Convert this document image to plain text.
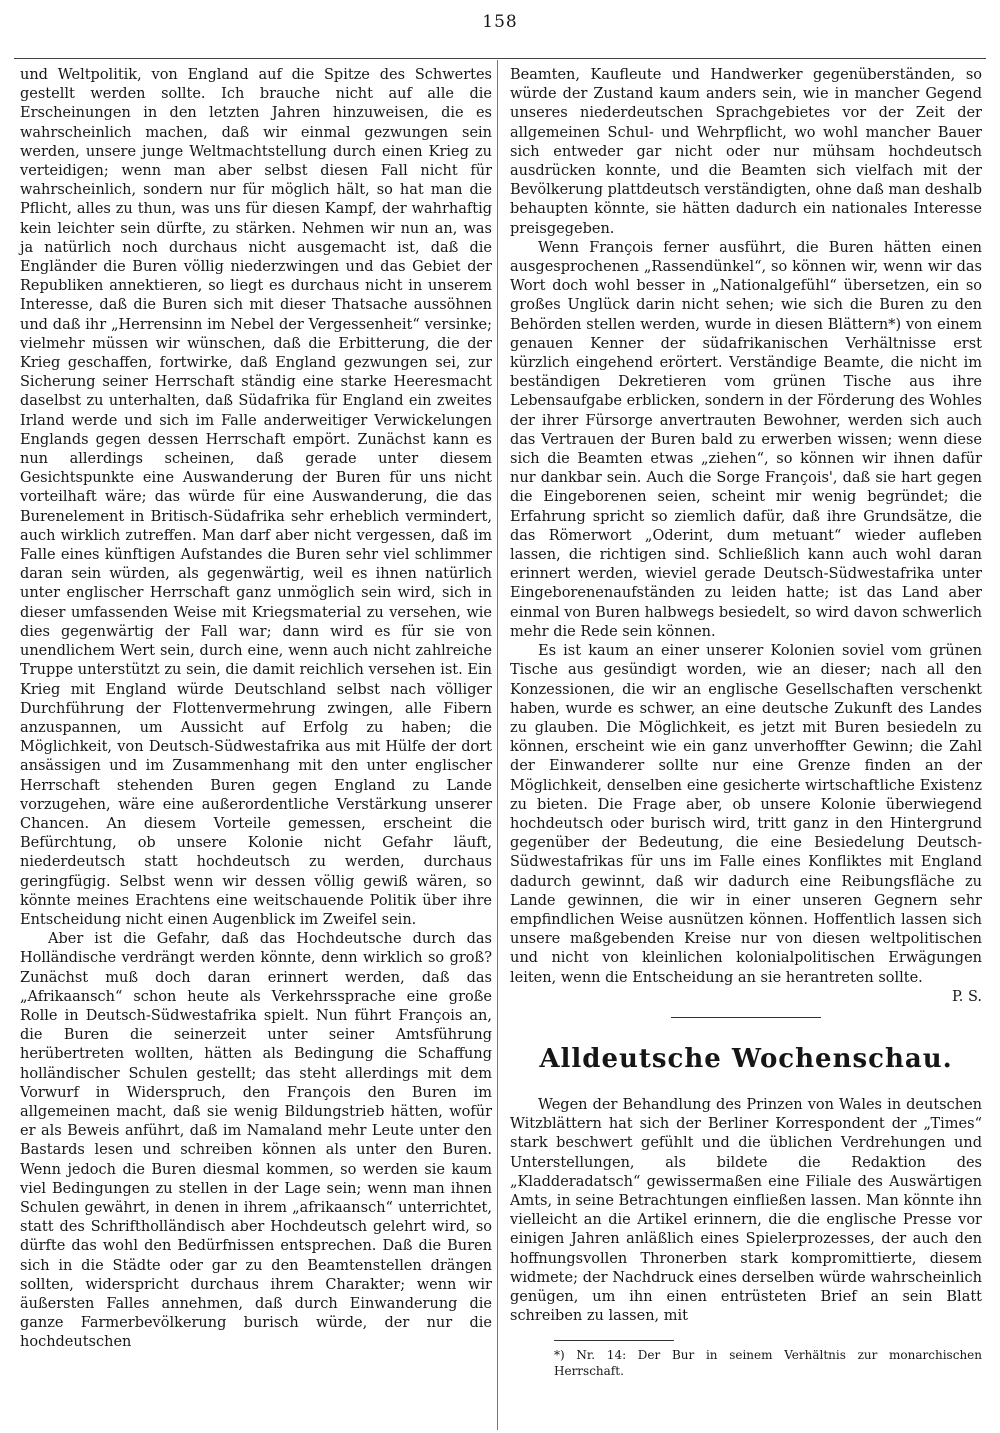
158

und Weltpolitik, von England auf die Spitze des Schwertes gestellt werden sollte. Ich brauche nicht auf alle die Erscheinungen in den letzten Jahren hinzuweisen, die es wahrscheinlich machen, daß wir einmal gezwungen sein werden, unsere junge Weltmachtstellung durch einen Krieg zu verteidigen; wenn man aber selbst diesen Fall nicht für wahrscheinlich, sondern nur für möglich hält, so hat man die Pflicht, alles zu thun, was uns für diesen Kampf, der wahrhaftig kein leichter sein dürfte, zu stärken. Nehmen wir nun an, was ja natürlich noch durchaus nicht ausgemacht ist, daß die Engländer die Buren völlig niederzwingen und das Gebiet der Republiken annektieren, so liegt es durchaus nicht in unserem Interesse, daß die Buren sich mit dieser Thatsache aussöhnen und daß ihr „Herrensinn im Nebel der Vergessenheit“ versinke; vielmehr müssen wir wünschen, daß die Erbitterung, die der Krieg geschaffen, fortwirke, daß England gezwungen sei, zur Sicherung seiner Herrschaft ständig eine starke Heeresmacht daselbst zu unterhalten, daß Südafrika für England ein zweites Irland werde und sich im Falle anderweitiger Verwickelungen Englands gegen dessen Herrschaft empört. Zunächst kann es nun allerdings scheinen, daß gerade unter diesem Gesichtspunkte eine Auswanderung der Buren für uns nicht vorteilhaft wäre; das würde für eine Auswanderung, die das Burenelement in Britisch-Südafrika sehr erheblich vermindert, auch wirklich zutreffen. Man darf aber nicht vergessen, daß im Falle eines künftigen Aufstandes die Buren sehr viel schlimmer daran sein würden, als gegenwärtig, weil es ihnen natürlich unter englischer Herrschaft ganz unmöglich sein wird, sich in dieser umfassenden Weise mit Kriegsmaterial zu versehen, wie dies gegenwärtig der Fall war; dann wird es für sie von unendlichem Wert sein, durch eine, wenn auch nicht zahlreiche Truppe unterstützt zu sein, die damit reichlich versehen ist. Ein Krieg mit England würde Deutschland selbst nach völliger Durchführung der Flottenvermehrung zwingen, alle Fibern anzuspannen, um Aussicht auf Erfolg zu haben; die Möglichkeit, von Deutsch-Südwestafrika aus mit Hülfe der dort ansässigen und im Zusammenhang mit den unter englischer Herrschaft stehenden Buren gegen England zu Lande vorzugehen, wäre eine außerordentliche Verstärkung unserer Chancen. An diesem Vorteile gemessen, erscheint die Befürchtung, ob unsere Kolonie nicht Gefahr läuft, niederdeutsch statt hochdeutsch zu werden, durchaus geringfügig. Selbst wenn wir dessen völlig gewiß wären, so könnte meines Erachtens eine weitschauende Politik über ihre Entscheidung nicht einen Augenblick im Zweifel sein.

Aber ist die Gefahr, daß das Hochdeutsche durch das Holländische verdrängt werden könnte, denn wirklich so groß? Zunächst muß doch daran erinnert werden, daß das „Afrikaansch“ schon heute als Verkehrssprache eine große Rolle in Deutsch-Südwestafrika spielt. Nun führt François an, die Buren die seinerzeit unter seiner Amtsführung herübertreten wollten, hätten als Bedingung die Schaffung holländischer Schulen gestellt; das steht allerdings mit dem Vorwurf in Widerspruch, den François den Buren im allgemeinen macht, daß sie wenig Bildungstrieb hätten, wofür er als Beweis anführt, daß im Namaland mehr Leute unter den Bastards lesen und schreiben können als unter den Buren. Wenn jedoch die Buren diesmal kommen, so werden sie kaum viel Bedingungen zu stellen in der Lage sein; wenn man ihnen Schulen gewährt, in denen in ihrem „afrikaansch“ unterrichtet, statt des Schriftholländisch aber Hochdeutsch gelehrt wird, so dürfte das wohl den Bedürfnissen entsprechen. Daß die Buren sich in die Städte oder gar zu den Beamtenstellen drängen sollten, widerspricht durchaus ihrem Charakter; wenn wir äußersten Falles annehmen, daß durch Einwanderung die ganze Farmerbevölkerung burisch würde, der nur die hochdeutschen

Beamten, Kaufleute und Handwerker gegenüberständen, so würde der Zustand kaum anders sein, wie in mancher Gegend unseres niederdeutschen Sprachgebietes vor der Zeit der allgemeinen Schul- und Wehrpflicht, wo wohl mancher Bauer sich entweder gar nicht oder nur mühsam hochdeutsch ausdrücken konnte, und die Beamten sich vielfach mit der Bevölkerung plattdeutsch verständigten, ohne daß man deshalb behaupten könnte, sie hätten dadurch ein nationales Interesse preisgegeben.

Wenn François ferner ausführt, die Buren hätten einen ausgesprochenen „Rassendünkel“, so können wir, wenn wir das Wort doch wohl besser in „Nationalgefühl“ übersetzen, ein so großes Unglück darin nicht sehen; wie sich die Buren zu den Behörden stellen werden, wurde in diesen Blättern*) von einem genauen Kenner der südafrikanischen Verhältnisse erst kürzlich eingehend erörtert. Verständige Beamte, die nicht im beständigen Dekretieren vom grünen Tische aus ihre Lebensaufgabe erblicken, sondern in der Förderung des Wohles der ihrer Fürsorge anvertrauten Bewohner, werden sich auch das Vertrauen der Buren bald zu erwerben wissen; wenn diese sich die Beamten etwas „ziehen“, so können wir ihnen dafür nur dankbar sein. Auch die Sorge François', daß sie hart gegen die Eingeborenen seien, scheint mir wenig begründet; die Erfahrung spricht so ziemlich dafür, daß ihre Grundsätze, die das Römerwort „Oderint, dum metuant“ wieder aufleben lassen, die richtigen sind. Schließlich kann auch wohl daran erinnert werden, wieviel gerade Deutsch-Südwestafrika unter Eingeborenenaufständen zu leiden hatte; ist das Land aber einmal von Buren halbwegs besiedelt, so wird davon schwerlich mehr die Rede sein können.

Es ist kaum an einer unserer Kolonien soviel vom grünen Tische aus gesündigt worden, wie an dieser; nach all den Konzessionen, die wir an englische Gesellschaften verschenkt haben, wurde es schwer, an eine deutsche Zukunft des Landes zu glauben. Die Möglichkeit, es jetzt mit Buren besiedeln zu können, erscheint wie ein ganz unverhoffter Gewinn; die Zahl der Einwanderer sollte nur eine Grenze finden an der Möglichkeit, denselben eine gesicherte wirtschaftliche Existenz zu bieten. Die Frage aber, ob unsere Kolonie überwiegend hochdeutsch oder burisch wird, tritt ganz in den Hintergrund gegenüber der Bedeutung, die eine Besiedelung Deutsch-Südwestafrikas für uns im Falle eines Konfliktes mit England dadurch gewinnt, daß wir dadurch eine Reibungsfläche zu Lande gewinnen, die wir in einer unseren Gegnern sehr empfindlichen Weise ausnützen können. Hoffentlich lassen sich unsere maßgebenden Kreise nur von diesen weltpolitischen und nicht von kleinlichen kolonialpolitischen Erwägungen leiten, wenn die Entscheidung an sie herantreten sollte.

P. S.
Alldeutsche Wochenschau.

Wegen der Behandlung des Prinzen von Wales in deutschen Witzblättern hat sich der Berliner Korrespondent der „Times“ stark beschwert gefühlt und die üblichen Verdrehungen und Unterstellungen, als bildete die Redaktion des „Kladderadatsch“ gewissermaßen eine Filiale des Auswärtigen Amts, in seine Betrachtungen einfließen lassen. Man könnte ihn vielleicht an die Artikel erinnern, die die englische Presse vor einigen Jahren anläßlich eines Spielerprozesses, der auch den hoffnungsvollen Thronerben stark kompromittierte, diesem widmete; der Nachdruck eines derselben würde wahrscheinlich genügen, um ihn einen entrüsteten Brief an sein Blatt schreiben zu lassen, mit

*) Nr. 14: Der Bur in seinem Verhältnis zur monarchischen Herrschaft.
